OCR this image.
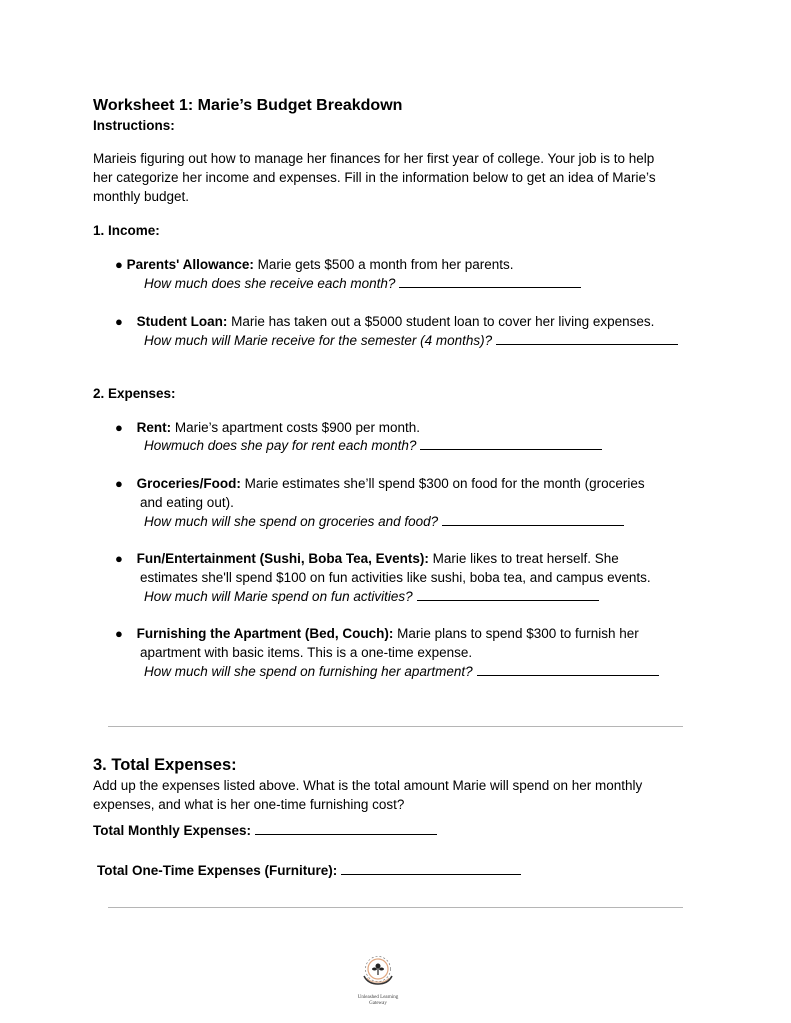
Worksheet 1: Marie’s Budget Breakdown
Instructions:
Marieis figuring out how to manage her finances for her first year of college. Your job is to help
her categorize her income and expenses. Fill in the information below to get an idea of Marie’s
monthly budget.
1. Income:
● Parents' Allowance: Marie gets $500 a month from her parents.
How much does she receive each month?
● Student Loan: Marie has taken out a $5000 student loan to cover her living expenses.
How much will Marie receive for the semester (4 months)?
2. Expenses:
● Rent: Marie’s apartment costs $900 per month.
Howmuch does she pay for rent each month?
● Groceries/Food: Marie estimates she’ll spend $300 on food for the month (groceries
and eating out).
How much will she spend on groceries and food?
● Fun/Entertainment (Sushi, Boba Tea, Events): Marie likes to treat herself. She
estimates she'll spend $100 on fun activities like sushi, boba tea, and campus events.
How much will Marie spend on fun activities?
● Furnishing the Apartment (Bed, Couch): Marie plans to spend $300 to furnish her
apartment with basic items. This is a one-time expense.
How much will she spend on furnishing her apartment?
3. Total Expenses:
Add up the expenses listed above. What is the total amount Marie will spend on her monthly
expenses, and what is her one-time furnishing cost?
Total Monthly Expenses:
Total One-Time Expenses (Furniture):
Unleashed Learning
Gateway
